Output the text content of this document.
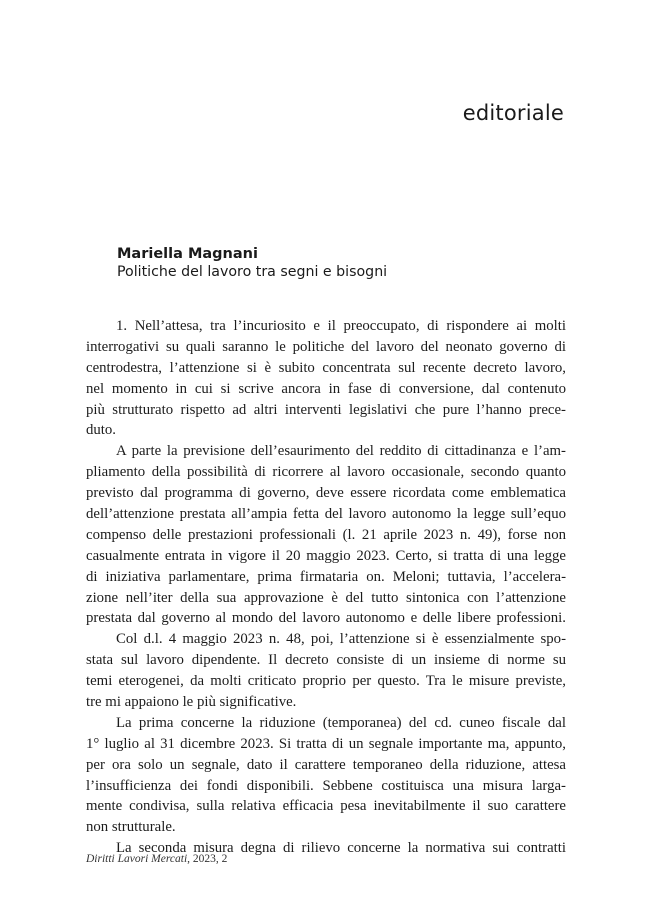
editoriale
Mariella Magnani
Politiche del lavoro tra segni e bisogni
1. Nell’attesa, tra l’incuriosito e il preoccupato, di rispondere ai molti
interrogativi su quali saranno le politiche del lavoro del neonato governo di
centrodestra, l’attenzione si è subito concentrata sul recente decreto lavoro,
nel momento in cui si scrive ancora in fase di conversione, dal contenuto
più strutturato rispetto ad altri interventi legislativi che pure l’hanno prece-
duto.
A parte la previsione dell’esaurimento del reddito di cittadinanza e l’am-
pliamento della possibilità di ricorrere al lavoro occasionale, secondo quanto
previsto dal programma di governo, deve essere ricordata come emblematica
dell’attenzione prestata all’ampia fetta del lavoro autonomo la legge sull’equo
compenso delle prestazioni professionali (l. 21 aprile 2023 n. 49), forse non
casualmente entrata in vigore il 20 maggio 2023. Certo, si tratta di una legge
di iniziativa parlamentare, prima firmataria on. Meloni; tuttavia, l’accelera-
zione nell’iter della sua approvazione è del tutto sintonica con l’attenzione
prestata dal governo al mondo del lavoro autonomo e delle libere professioni.
Col d.l. 4 maggio 2023 n. 48, poi, l’attenzione si è essenzialmente spo-
stata sul lavoro dipendente. Il decreto consiste di un insieme di norme su
temi eterogenei, da molti criticato proprio per questo. Tra le misure previste,
tre mi appaiono le più significative.
La prima concerne la riduzione (temporanea) del cd. cuneo fiscale dal
1° luglio al 31 dicembre 2023. Si tratta di un segnale importante ma, appunto,
per ora solo un segnale, dato il carattere temporaneo della riduzione, attesa
l’insufficienza dei fondi disponibili. Sebbene costituisca una misura larga-
mente condivisa, sulla relativa efficacia pesa inevitabilmente il suo carattere
non strutturale.
La seconda misura degna di rilievo concerne la normativa sui contratti
Diritti Lavori Mercati, 2023, 2
